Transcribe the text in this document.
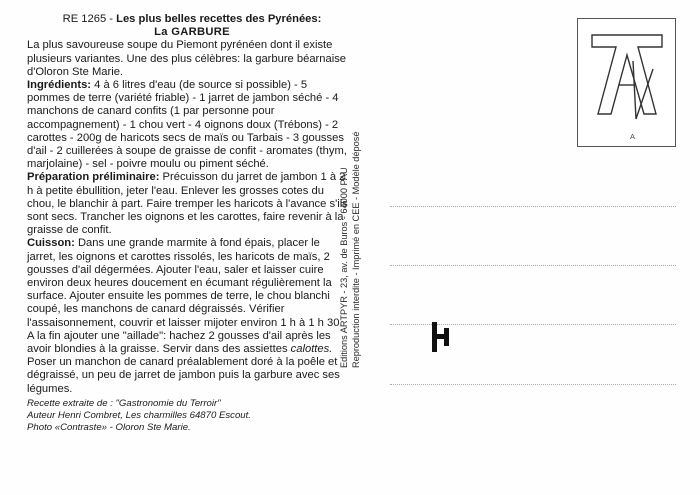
RE 1265 - Les plus belles recettes des Pyrénées:

La GARBURE

La plus savoureuse soupe du Piemont pyrénéen dont il existe plusieurs variantes. Une des plus célèbres: la garbure béarnaise d'Oloron Ste Marie.

Ingrédients: 4 à 6 litres d'eau (de source si possible) - 5 pommes de terre (variété friable) - 1 jarret de jambon séché - 4 manchons de canard confits (1 par personne pour accompagnement) - 1 chou vert - 4 oignons doux (Trébons) - 2 carottes - 200g de haricots secs de maïs ou Tarbais - 3 gousses d'ail - 2 cuillerées à soupe de graisse de confit - aromates (thym, marjolaine) - sel - poivre moulu ou piment séché.

Préparation préliminaire: Précuisson du jarret de jambon 1 à 2 h à petite ébullition, jeter l'eau. Enlever les grosses cotes du chou, le blanchir à part. Faire tremper les haricots à l'avance s'ils sont secs. Trancher les oignons et les carottes, faire revenir à la graisse de confit.

Cuisson: Dans une grande marmite à fond épais, placer le jarret, les oignons et carottes rissolés, les haricots de maïs, 2 gousses d'ail dégermées. Ajouter l'eau, saler et laisser cuire environ deux heures doucement en écumant régulièrement la surface. Ajouter ensuite les pommes de terre, le chou blanchi coupé, les manchons de canard dégraissés. Vérifier l'assaisonnement, couvrir et laisser mijoter environ 1 h à 1 h 30. A la fin ajouter une "aillade": hachez 2 gousses d'ail après les avoir blondies à la graisse. Servir dans des assiettes calottes. Poser un manchon de canard préalablement doré à la poêle et dégraissé, un peu de jarret de jambon puis la garbure avec ses légumes.

Recette extraite de : "Gastronomie du Terroir"
Auteur Henri Combret, Les charmilles 64870 Escout.
Photo «Contraste» - Oloron Ste Marie.
Editions ARTPYR - 23, av. de Buros - 64000 PAU Reproduction interdite - Imprimé en CEE - Modèle déposé	A
